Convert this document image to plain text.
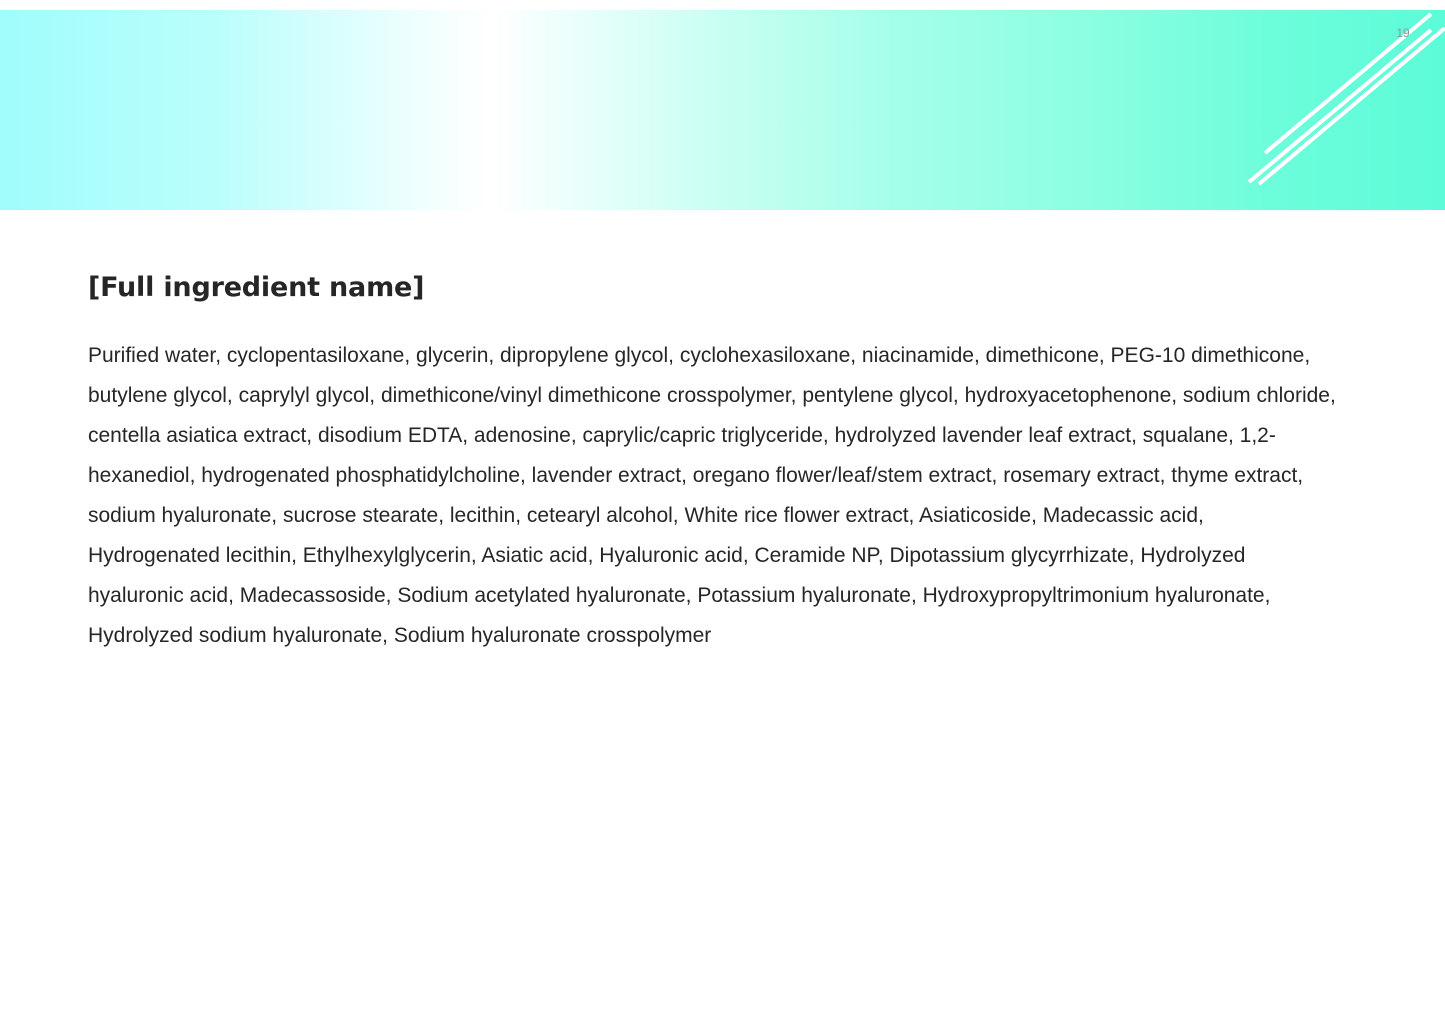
19
[Full ingredient name]

Purified water, cyclopentasiloxane, glycerin, dipropylene glycol, cyclohexasiloxane, niacinamide, dimethicone, PEG-10 dimethicone, butylene glycol, caprylyl glycol, dimethicone/vinyl dimethicone crosspolymer, pentylene glycol, hydroxyacetophenone, sodium chloride, centella asiatica extract, disodium EDTA, adenosine, caprylic/capric triglyceride, hydrolyzed lavender leaf extract, squalane, 1,2-hexanediol, hydrogenated phosphatidylcholine, lavender extract, oregano flower/leaf/stem extract, rosemary extract, thyme extract, sodium hyaluronate, sucrose stearate, lecithin, cetearyl alcohol, White rice flower extract, Asiaticoside, Madecassic acid, Hydrogenated lecithin, Ethylhexylglycerin, Asiatic acid, Hyaluronic acid, Ceramide NP, Dipotassium glycyrrhizate, Hydrolyzed hyaluronic acid, Madecassoside, Sodium acetylated hyaluronate, Potassium hyaluronate, Hydroxypropyltrimonium hyaluronate, Hydrolyzed sodium hyaluronate, Sodium hyaluronate crosspolymer
